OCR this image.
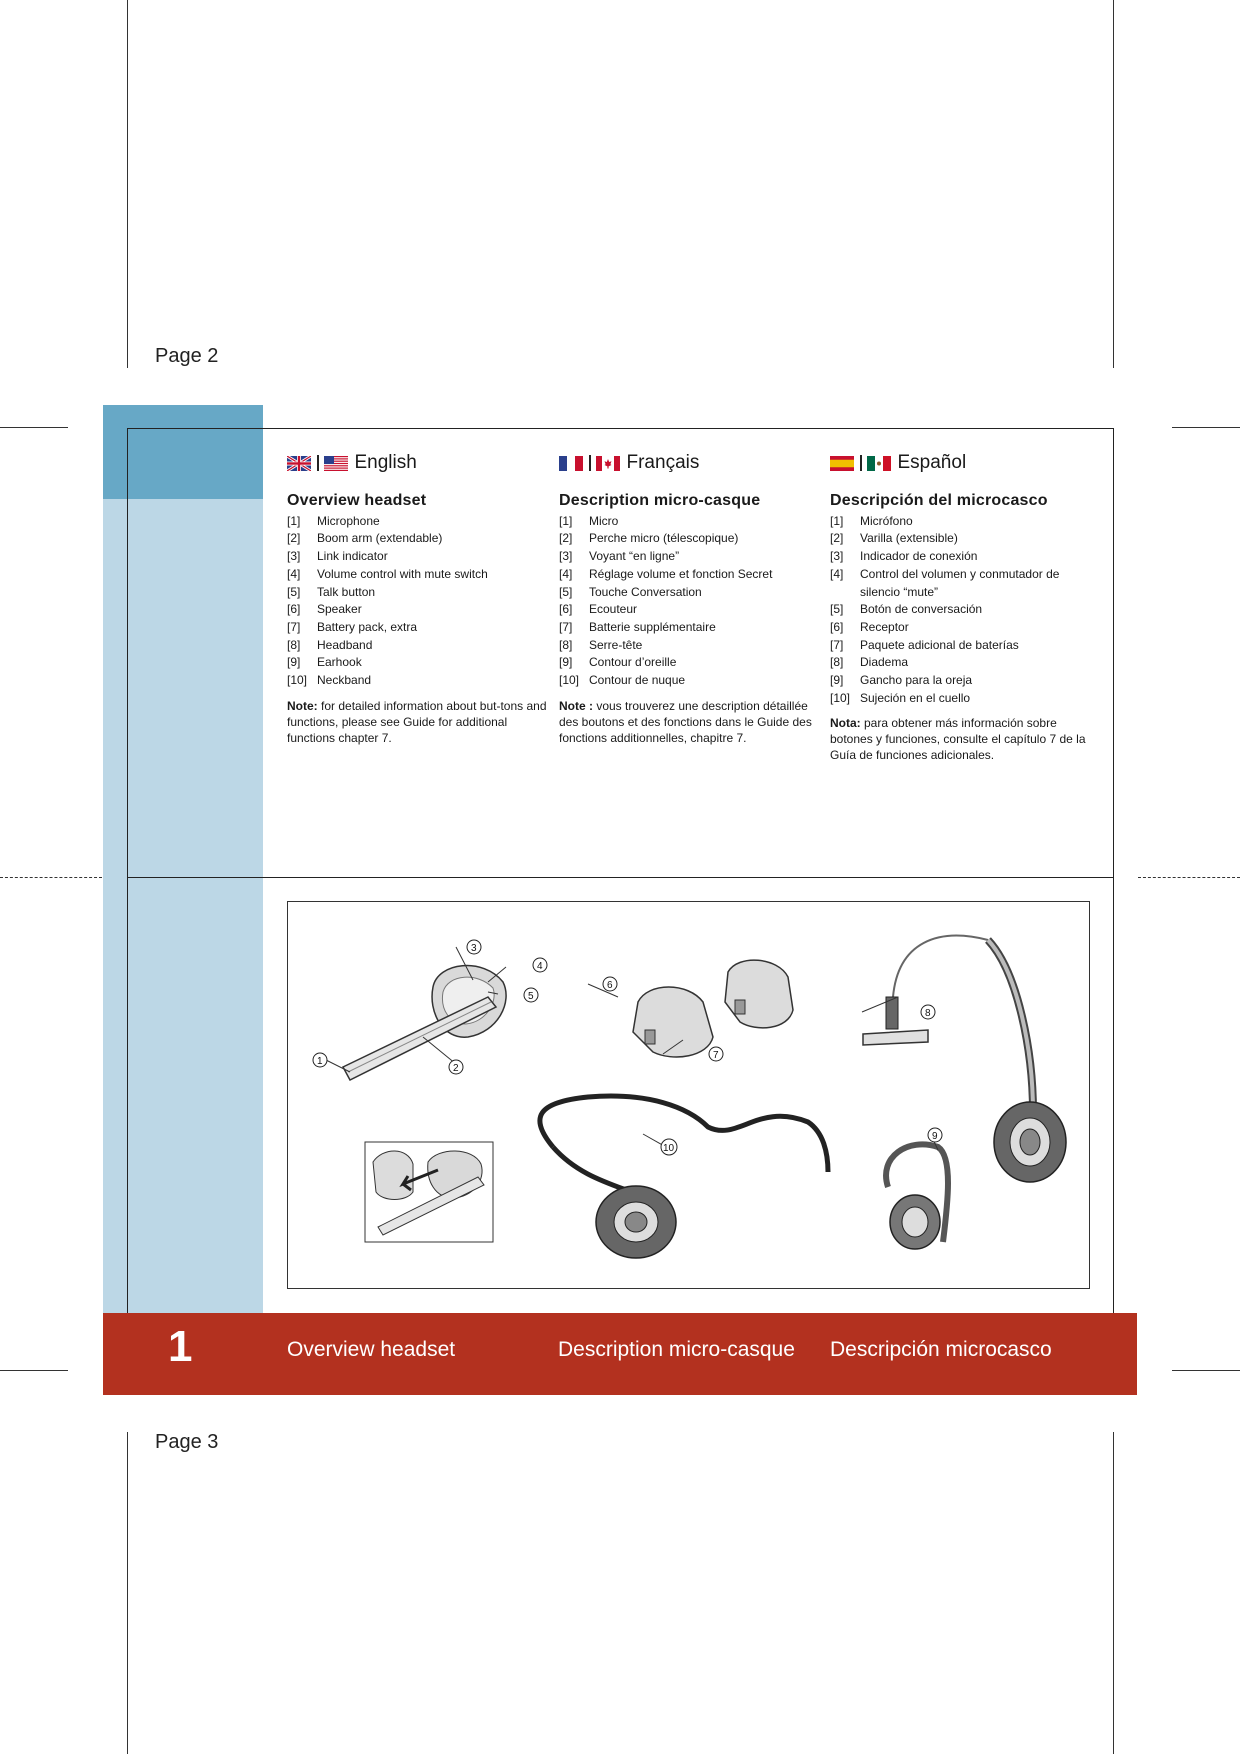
Page 2
Page 3
English
Overview headset
[1]	Microphone
[2]	Boom arm (extendable)
[3]	Link indicator
[4]	Volume control with mute switch
[5]	Talk button
[6]	Speaker
[7]	Battery pack, extra
[8]	Headband
[9]	Earhook
[10] Neckband
Note: for detailed information about but-tons and functions, please see Guide for additional functions chapter 7.
Français
Description micro-casque
[1]	Micro
[2]	Perche micro (télescopique)
[3]	Voyant “en ligne”
[4]	Réglage volume et fonction Secret
[5]	Touche Conversation
[6]	Ecouteur
[7]	Batterie supplémentaire
[8]	Serre-tête
[9]	Contour d’oreille
[10] Contour de nuque
Note : vous trouverez une description détaillée des boutons et des fonctions dans le Guide des fonctions additionnelles, chapitre 7.
Español
Descripción del microcasco
[1]	Micrófono
[2]	Varilla (extensible)
[3]	Indicador de conexión
[4]	Control del volumen y conmutador de silencio “mute”
[5]	Botón de conversación
[6]	Receptor
[7]	Paquete adicional de baterías
[8]	Diadema
[9]	Gancho para la oreja
[10] Sujeción en el cuello
Nota: para obtener más información sobre botones y funciones, consulte el capítulo 7 de la Guía de funciones adicionales.
1
2
3
4
5
6
7
8
9
10
1	Overview headset	Description micro-casque Descripción microcasco
